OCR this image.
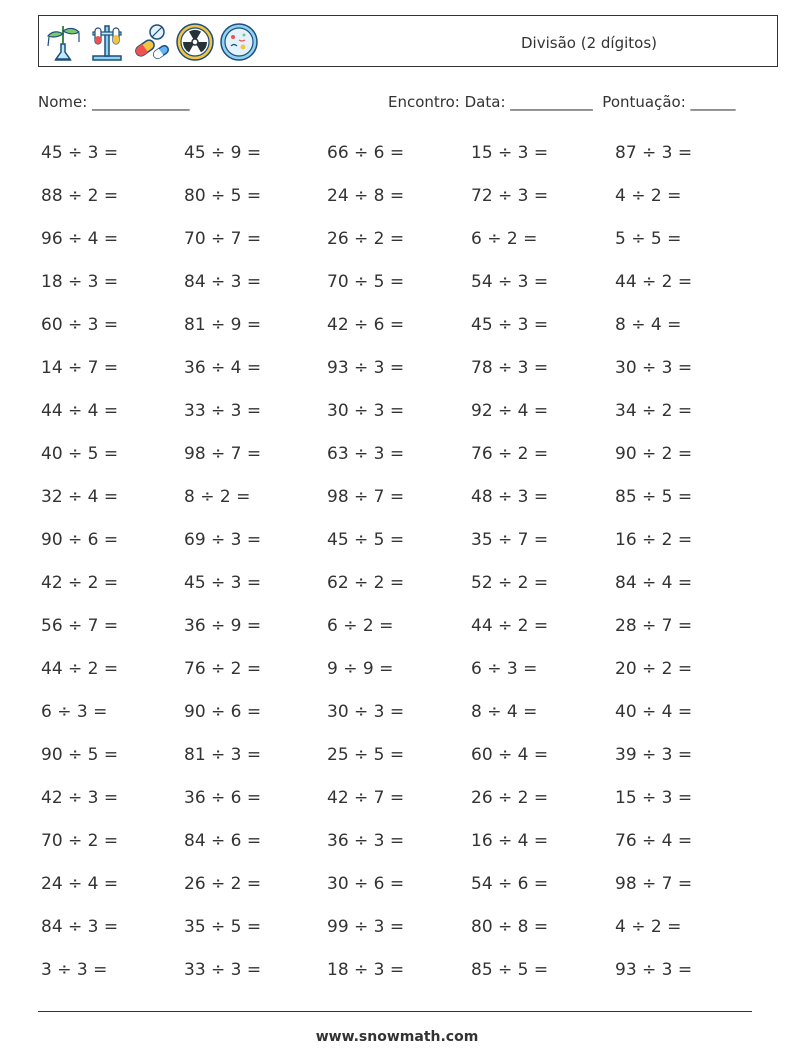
Divisão (2 dígitos)
Nome: _____________	Encontro: Data: ___________  Pontuação: ______
45 ÷ 3 =	45 ÷ 9 =	66 ÷ 6 =	15 ÷ 3 =	87 ÷ 3 =
88 ÷ 2 =	80 ÷ 5 =	24 ÷ 8 =	72 ÷ 3 =	4 ÷ 2 =
96 ÷ 4 =	70 ÷ 7 =	26 ÷ 2 =	6 ÷ 2 =	5 ÷ 5 =
18 ÷ 3 =	84 ÷ 3 =	70 ÷ 5 =	54 ÷ 3 =	44 ÷ 2 =
60 ÷ 3 =	81 ÷ 9 =	42 ÷ 6 =	45 ÷ 3 =	8 ÷ 4 =
14 ÷ 7 =	36 ÷ 4 =	93 ÷ 3 =	78 ÷ 3 =	30 ÷ 3 =
44 ÷ 4 =	33 ÷ 3 =	30 ÷ 3 =	92 ÷ 4 =	34 ÷ 2 =
40 ÷ 5 =	98 ÷ 7 =	63 ÷ 3 =	76 ÷ 2 =	90 ÷ 2 =
32 ÷ 4 =	8 ÷ 2 =	98 ÷ 7 =	48 ÷ 3 =	85 ÷ 5 =
90 ÷ 6 =	69 ÷ 3 =	45 ÷ 5 =	35 ÷ 7 =	16 ÷ 2 =
42 ÷ 2 =	45 ÷ 3 =	62 ÷ 2 =	52 ÷ 2 =	84 ÷ 4 =
56 ÷ 7 =	36 ÷ 9 =	6 ÷ 2 =	44 ÷ 2 =	28 ÷ 7 =
44 ÷ 2 =	76 ÷ 2 =	9 ÷ 9 =	6 ÷ 3 =	20 ÷ 2 =
6 ÷ 3 =	90 ÷ 6 =	30 ÷ 3 =	8 ÷ 4 =	40 ÷ 4 =
90 ÷ 5 =	81 ÷ 3 =	25 ÷ 5 =	60 ÷ 4 =	39 ÷ 3 =
42 ÷ 3 =	36 ÷ 6 =	42 ÷ 7 =	26 ÷ 2 =	15 ÷ 3 =
70 ÷ 2 =	84 ÷ 6 =	36 ÷ 3 =	16 ÷ 4 =	76 ÷ 4 =
24 ÷ 4 =	26 ÷ 2 =	30 ÷ 6 =	54 ÷ 6 =	98 ÷ 7 =
84 ÷ 3 =	35 ÷ 5 =	99 ÷ 3 =	80 ÷ 8 =	4 ÷ 2 =
3 ÷ 3 =	33 ÷ 3 =	18 ÷ 3 =	85 ÷ 5 =	93 ÷ 3 =
www.snowmath.com
